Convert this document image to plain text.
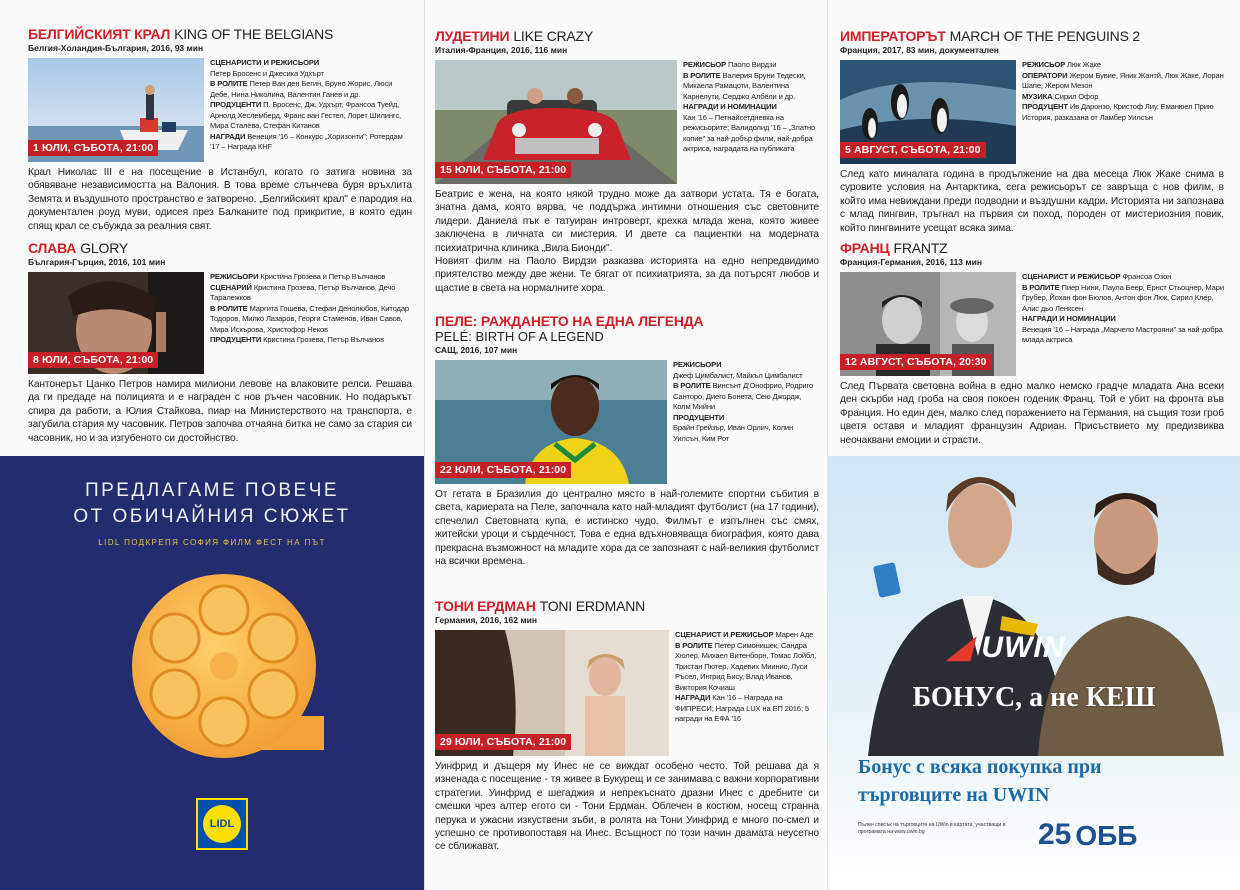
БЕЛГИЙСКИЯТ КРАЛ KING OF THE BELGIANS
Белгия-Холандия-България, 2016, 93 мин
1 ЮЛИ, СЪБОТА, 21:00
СЦЕНАРИСТИ И РЕЖИСЬОРИ
Петер Бросенс и Джесика Удхърт
В РОЛИТЕ Петер Ван ден Бегин, Бруно Жорис, Люси Дебе, Нина Николина, Валентин Ганев и др.
ПРОДУЦЕНТИ П. Бросенс, Дж. Удхърт, Франсоа Туейд, Арнолд Хеслемберд, Франс ван Гестел, Лорет Шилингс, Мира Сталева, Стефан Китанов
НАГРАДИ Венеция '16 – Конкурс „Хоризонти"; Ротердам '17 – Награда КНF
Крал Николас III е на посещение в Истанбул, когато го затига новина за обявяване независимостта на Валония. В това време слънчева буря връхлита Земята и въздушното пространство е затворено. „Белгийският крал" е пародия на документален роуд муви, одисея през Балканите под прикритие, в която един спящ крал се събужда за реалния свят.
СЛАВА GLORY
България-Гърция, 2016, 101 мин
8 ЮЛИ, СЪБОТА, 21:00
РЕЖИСЬОРИ Кристина Грозева и Петър Вълчанов
СЦЕНАРИЙ Кристина Грозева, Петър Вълчанов, Дечо Таралежков
В РОЛИТЕ Маргита Гошева, Стефан Денолюбов, Китодар Тодоров, Милко Лазаров, Георги Стаменов, Иван Савов, Мира Искърова, Христофор Неков
ПРОДУЦЕНТИ Кристина Грозева, Петър Вълчанов
Кантонерът Цанко Петров намира милиони левове на влаковите релси. Решава да ги предаде на полицията и е награден с нов ръчен часовник. Но подаръкът спира да работи, а Юлия Стайкова, пиар на Министерството на транспорта, е загубила стария му часовник. Петров започва отчаяна битка не само за стария си часовник, но и за изгубеното си достойнство.
ПРЕДЛАГАМЕ ПОВЕЧЕ
ОТ ОБИЧАЙНИЯ СЮЖЕТ
LIDL ПОДКРЕПЯ СОФИЯ ФИЛМ ФЕСТ НА ПЪТ
LIDL
ЛУДЕТИНИ LIKE CRAZY
Италия-Франция, 2016, 116 мин
15 ЮЛИ, СЪБОТА, 21:00
РЕЖИСЬОР Паоло Вирдзи
В РОЛИТЕ Валерия Бруни Тедески, Микаела Рамацоти, Валентина Карнелути, Серджо Албели и др.
НАГРАДИ И НОМИНАЦИИ
Кан '16 – Петнайсетдневка на режисьорите; Валидолид '16 – „Златно копие" за най-добър филм, най-добра актриса, наградата на публиката
Беатрис е жена, на която някой трудно може да затвори устата. Тя е богата, знатна дама, която вярва, че поддържа интимни отношения със световните лидери. Даниела пък е татуиран интроверт, крехка млада жена, която живее заключена в личната си мистерия. И двете са пациентки на модерната психиатрична клиника „Вила Бионди".
Новият филм на Паоло Вирдзи разказва историята на едно непредвидимо приятелство между две жени. Те бягат от психиатрията, за да потърсят любов и щастие в света на нормалните хора.
ПЕЛЕ: РАЖДАНЕТО НА ЕДНА ЛЕГЕНДА
PELÉ: BIRTH OF A LEGEND
САЩ, 2016, 107 мин
22 ЮЛИ, СЪБОТА, 21:00
РЕЖИСЬОРИ
Джеф Цимбалист, Майкъл Цимбалист
В РОЛИТЕ Винсънт Д'Онофрио, Родриго Санторо, Диего Бонета, Сею Джордж, Колм Мийни
ПРОДУЦЕНТИ
Брайн Грейзър, Иван Орлич, Колин Уилсън, Ким Рот
От гетата в Бразилия до централно място в най-големите спортни събития в света, кариерата на Пеле, започнала като най-младият футболист (на 17 години), спечелил Световната купа, е истинско чудо. Филмът е изпълнен със смях, житейски уроци и сърдечност. Това е една вдъхновяваща биография, която дава прекрасна възможност на младите хора да се запознаят с най-великия футболист на всички времена.
ТОНИ ЕРДМАН TONI ERDMANN
Германия, 2016, 162 мин
29 ЮЛИ, СЪБОТА, 21:00
СЦЕНАРИСТ И РЕЖИСЬОР Марен Аде
В РОЛИТЕ Петер Симонишек, Сандра Хюлер, Михаел Витенборн, Томас Лойбл, Тристан Пютер, Хадевих Миинис, Луси Ръсел, Ингрид Бису, Влад Иванов, Виктория Кочиаш
НАГРАДИ Кан '16 – Награда на ФИПРЕСИ; Награда LUX на ЕП 2016; 5 награди на ЕФА '16
Уинфрид и дъщеря му Инес не се виждат особено често. Той решава да я изненада с посещение - тя живее в Букурещ и се занимава с важни корпоративни стратегии. Уинфрид е шегаджия и непрекъснато дразни Инес с дребните си смешки чрез алтер егото си - Тони Ердман. Облечен в костюм, носещ странна перука и ужасни изкуствени зъби, в ролята на Тони Уинфрид е много по-смел и успешно се противопоставя на Инес. Всъщност по този начин двамата неусетно се сближават.
ИМПЕРАТОРЪТ MARCH OF THE PENGUINS 2
Франция, 2017, 83 мин, документален
5 АВГУСТ, СЪБОТА, 21:00
РЕЖИСЬОР Люк Жаке
ОПЕРАТОРИ Жером Бувие, Яник Жантй, Люк Жаке, Лоран Шапе, Жером Мезон
МУЗИКА Сирил Офор
ПРОДУЦЕНТ Ив Даронзо, Кристоф Лиу, Еманюел Прию
История, разказана от Ламбер Уилсън
След като миналата година в продължение на два месеца Люк Жаке снима в суровите условия на Антарктика, сега режисьорът се завръща с нов филм, в който има невиждани преди подводни и въздушни кадри. Историята ни запознава с млад пингвин, тръгнал на първия си поход, породен от мистериозния повик, който пингвините усещат всяка зима.
ФРАНЦ FRANTZ
Франция-Германия, 2016, 113 мин
12 АВГУСТ, СЪБОТА, 20:30
СЦЕНАРИСТ И РЕЖИСЬОР Франсоа Озон
В РОЛИТЕ Пиер Нини, Паула Беер, Ернст Стьоцнер, Мари Грубер, Йохан фон Бюлов, Антон фон Люк, Сирил Клер, Алис дьо Ленксен
НАГРАДИ И НОМИНАЦИИ
Венеция '16 – Награда „Марчело Мастрояни" за най-добра млада актриса
След Първата световна война в едно малко немско градче младата Ана всеки ден скърби над гроба на своя покоен годеник Франц. Той е убит на фронта във Франция. Но един ден, малко след поражението на Германия, на същия този гроб цветя оставя и младият французин Адриан. Присъствието му предизвиква неочаквани емоции и страсти.
◢ UWIN
БОНУС, а не КЕШ
Бонус с всяка покупка при
търговците на UWIN
Пълен списък на търговците на UWin в картата, участващи в програмата на www.uwin.bg	25 ОББ
